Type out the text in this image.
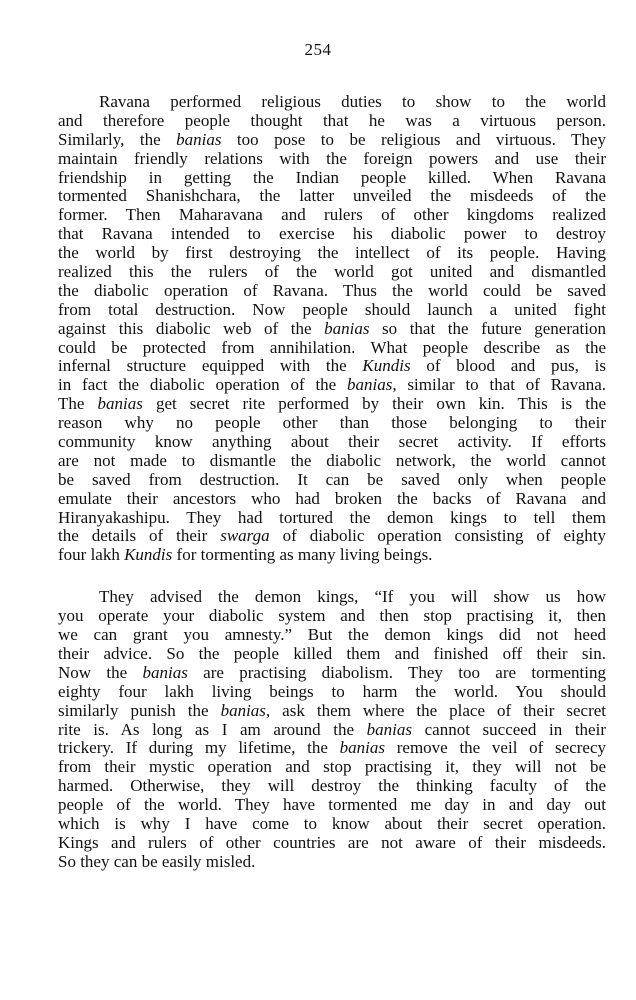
254
Ravana performed religious duties to show to the world
and therefore people thought that he was a virtuous person.
Similarly, the banias too pose to be religious and virtuous. They
maintain friendly relations with the foreign powers and use their
friendship in getting the Indian people killed. When Ravana
tormented Shanishchara, the latter unveiled the misdeeds of the
former. Then Maharavana and rulers of other kingdoms realized
that Ravana intended to exercise his diabolic power to destroy
the world by first destroying the intellect of its people. Having
realized this the rulers of the world got united and dismantled
the diabolic operation of Ravana. Thus the world could be saved
from total destruction. Now people should launch a united fight
against this diabolic web of the banias so that the future generation
could be protected from annihilation. What people describe as the
infernal structure equipped with the Kundis of blood and pus, is
in fact the diabolic operation of the banias, similar to that of Ravana.
The banias get secret rite performed by their own kin. This is the
reason why no people other than those belonging to their
community know anything about their secret activity. If efforts
are not made to dismantle the diabolic network, the world cannot
be saved from destruction. It can be saved only when people
emulate their ancestors who had broken the backs of Ravana and
Hiranyakashipu. They had tortured the demon kings to tell them
the details of their swarga of diabolic operation consisting of eighty
four lakh Kundis for tormenting as many living beings.
They advised the demon kings, “If you will show us how
you operate your diabolic system and then stop practising it, then
we can grant you amnesty.” But the demon kings did not heed
their advice. So the people killed them and finished off their sin.
Now the banias are practising diabolism. They too are tormenting
eighty four lakh living beings to harm the world. You should
similarly punish the banias, ask them where the place of their secret
rite is. As long as I am around the banias cannot succeed in their
trickery. If during my lifetime, the banias remove the veil of secrecy
from their mystic operation and stop practising it, they will not be
harmed. Otherwise, they will destroy the thinking faculty of the
people of the world. They have tormented me day in and day out
which is why I have come to know about their secret operation.
Kings and rulers of other countries are not aware of their misdeeds.
So they can be easily misled.
